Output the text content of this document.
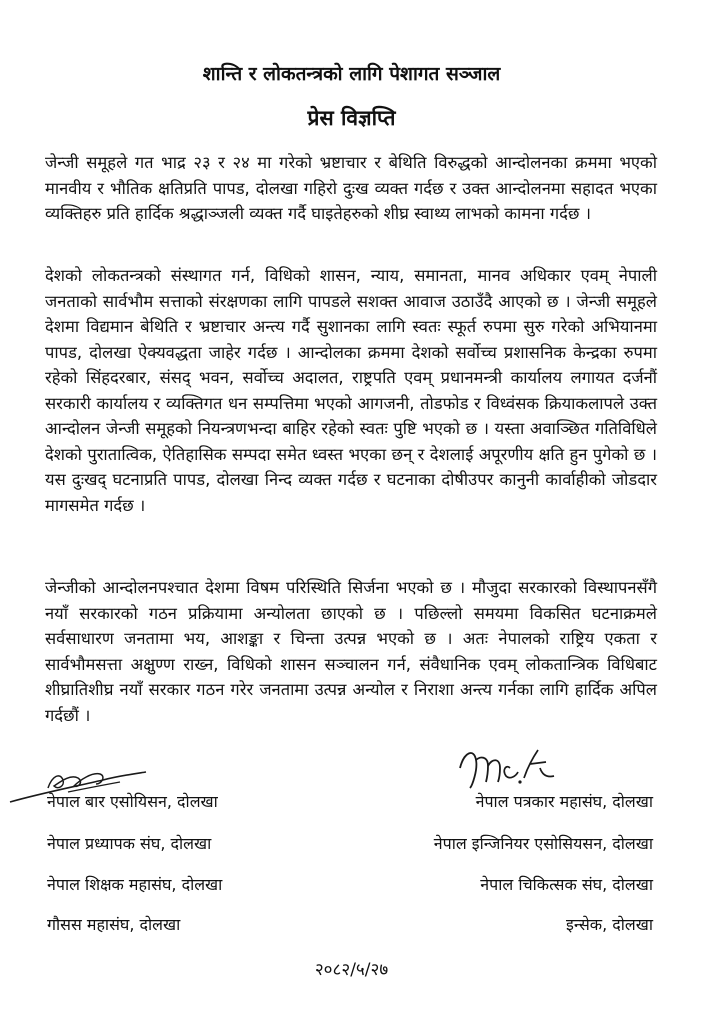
शान्ति र लोकतन्त्रको लागि पेशागत सञ्जाल
प्रेस विज्ञप्ति

जेन्जी समूहले गत भाद्र २३ र २४ मा गरेको भ्रष्टाचार र बेथिति विरुद्धको आन्दोलनका क्रममा भएको मानवीय र भौतिक क्षतिप्रति पापड, दोलखा गहिरो दुःख व्यक्त गर्दछ र उक्त आन्दोलनमा सहादत भएका व्यक्तिहरु प्रति हार्दिक श्रद्धाञ्जली व्यक्त गर्दै घाइतेहरुको शीघ्र स्वाथ्य लाभको कामना गर्दछ ।

देशको लोकतन्त्रको संस्थागत गर्न, विधिको शासन, न्याय, समानता, मानव अधिकार एवम् नेपाली जनताको सार्वभौम सत्ताको संरक्षणका लागि पापडले सशक्त आवाज उठाउँदै आएको छ । जेन्जी समूहले देशमा विद्यमान बेथिति र भ्रष्टाचार अन्त्य गर्दै सुशानका लागि स्वतः स्फूर्त रुपमा सुरु गरेको अभियानमा पापड, दोलखा ऐक्यवद्धता जाहेर गर्दछ । आन्दोलका क्रममा देशको सर्वोच्च प्रशासनिक केन्द्रका रुपमा रहेको सिंहदरबार, संसद् भवन, सर्वोच्च अदालत, राष्ट्रपति एवम् प्रधानमन्त्री कार्यालय लगायत दर्जनौं सरकारी कार्यालय र व्यक्तिगत धन सम्पत्तिमा भएको आगजनी, तोडफोड र विध्वंसक क्रियाकलापले उक्त आन्दोलन जेन्जी समूहको नियन्त्रणभन्दा बाहिर रहेको स्वतः पुष्टि भएको छ । यस्ता अवाञ्छित गतिविधिले देशको पुरातात्विक, ऐतिहासिक सम्पदा समेत ध्वस्त भएका छन् र देशलाई अपूरणीय क्षति हुन पुगेको छ । यस दुःखद् घटनाप्रति पापड, दोलखा निन्द व्यक्त गर्दछ र घटनाका दोषीउपर कानुनी कार्वाहीको जोडदार मागसमेत गर्दछ ।

जेन्जीको आन्दोलनपश्चात देशमा विषम परिस्थिति सिर्जना भएको छ । मौजुदा सरकारको विस्थापनसँगै नयाँ सरकारको गठन प्रक्रियामा अन्योलता छाएको छ । पछिल्लो समयमा विकसित घटनाक्रमले सर्वसाधारण जनतामा भय, आशङ्का र चिन्ता उत्पन्न भएको छ । अतः नेपालको राष्ट्रिय एकता र सार्वभौमसत्ता अक्षुण्ण राख्न, विधिको शासन सञ्चालन गर्न, संवैधानिक एवम् लोकतान्त्रिक विधिबाट शीघ्रातिशीघ्र नयाँ सरकार गठन गरेर जनतामा उत्पन्न अन्योल र निराशा अन्त्य गर्नका लागि हार्दिक अपिल गर्दछौं ।

नेपाल बार एसोयिसन, दोलखा
नेपाल प्रध्यापक संघ, दोलखा
नेपाल शिक्षक महासंघ, दोलखा
गौसस महासंघ, दोलखा
नेपाल पत्रकार महासंघ, दोलखा
नेपाल इन्जिनियर एसोसियसन, दोलखा
नेपाल चिकित्सक संघ, दोलखा
इन्सेक, दोलखा
२०८२/५/२७
